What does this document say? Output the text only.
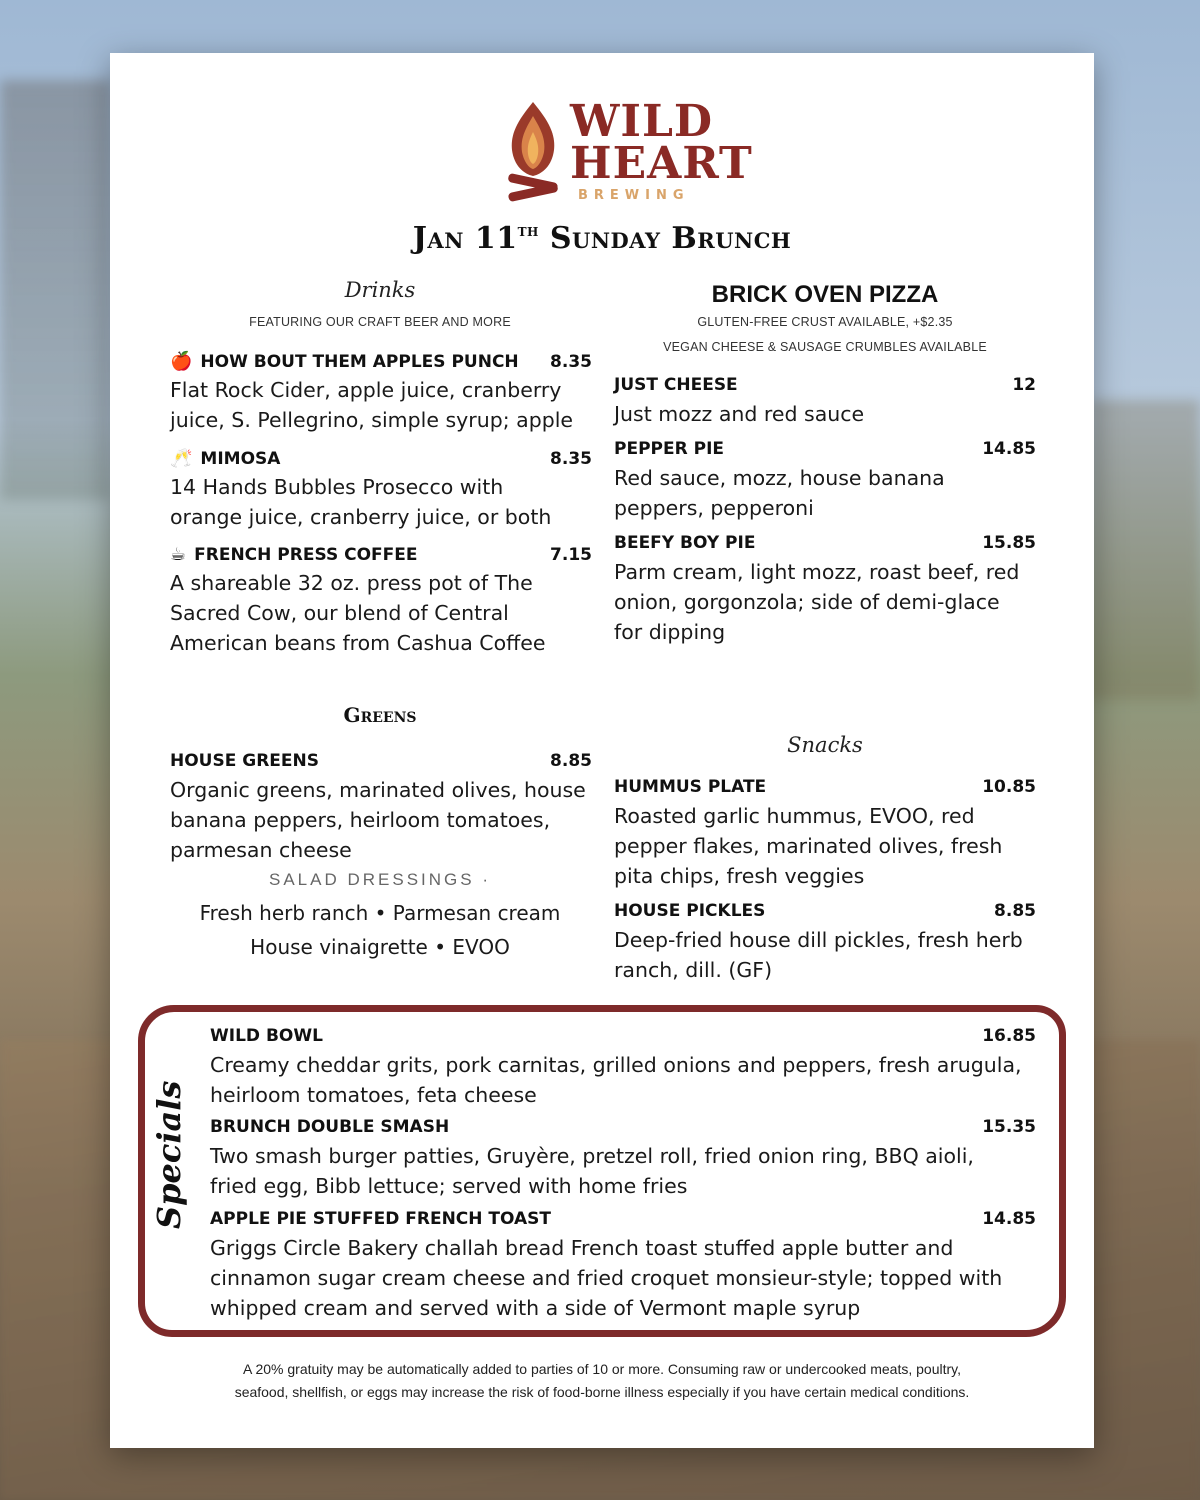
WILD
HEART
BREWING
Jan 11th Sunday Brunch
Drinks
FEATURING OUR CRAFT BEER AND MORE
🍎 HOW BOUT THEM APPLES PUNCH 8.35
Flat Rock Cider, apple juice, cranberry
juice, S. Pellegrino, simple syrup; apple
🥂 MIMOSA	8.35
14 Hands Bubbles Prosecco with
orange juice, cranberry juice, or both
☕ FRENCH PRESS COFFEE	7.15
A shareable 32 oz. press pot of The
Sacred Cow, our blend of Central
American beans from Cashua Coffee
BRICK OVEN PIZZA
GLUTEN-FREE CRUST AVAILABLE, +$2.35
VEGAN CHEESE & SAUSAGE CRUMBLES AVAILABLE
JUST CHEESE	12
Just mozz and red sauce
PEPPER PIE	14.85
Red sauce, mozz, house banana
peppers, pepperoni
BEEFY BOY PIE	15.85
Parm cream, light mozz, roast beef, red
onion, gorgonzola; side of demi-glace
for dipping
Greens
HOUSE GREENS	8.85
Organic greens, marinated olives, house
banana peppers, heirloom tomatoes,
parmesan cheese
SALAD DRESSINGS ·
Fresh herb ranch • Parmesan cream
House vinaigrette • EVOO
Snacks
HUMMUS PLATE	10.85
Roasted garlic hummus, EVOO, red
pepper flakes, marinated olives, fresh
pita chips, fresh veggies
HOUSE PICKLES	8.85
Deep-fried house dill pickles, fresh herb
ranch, dill. (GF)
Specials
WILD BOWL	16.85
Creamy cheddar grits, pork carnitas, grilled onions and peppers, fresh arugula,
heirloom tomatoes, feta cheese
BRUNCH DOUBLE SMASH	15.35
Two smash burger patties, Gruyère, pretzel roll, fried onion ring, BBQ aioli,
fried egg, Bibb lettuce; served with home fries
APPLE PIE STUFFED FRENCH TOAST	14.85
Griggs Circle Bakery challah bread French toast stuffed apple butter and
cinnamon sugar cream cheese and fried croquet monsieur-style; topped with
whipped cream and served with a side of Vermont maple syrup
A 20% gratuity may be automatically added to parties of 10 or more. Consuming raw or undercooked meats, poultry,
seafood, shellfish, or eggs may increase the risk of food-borne illness especially if you have certain medical conditions.
